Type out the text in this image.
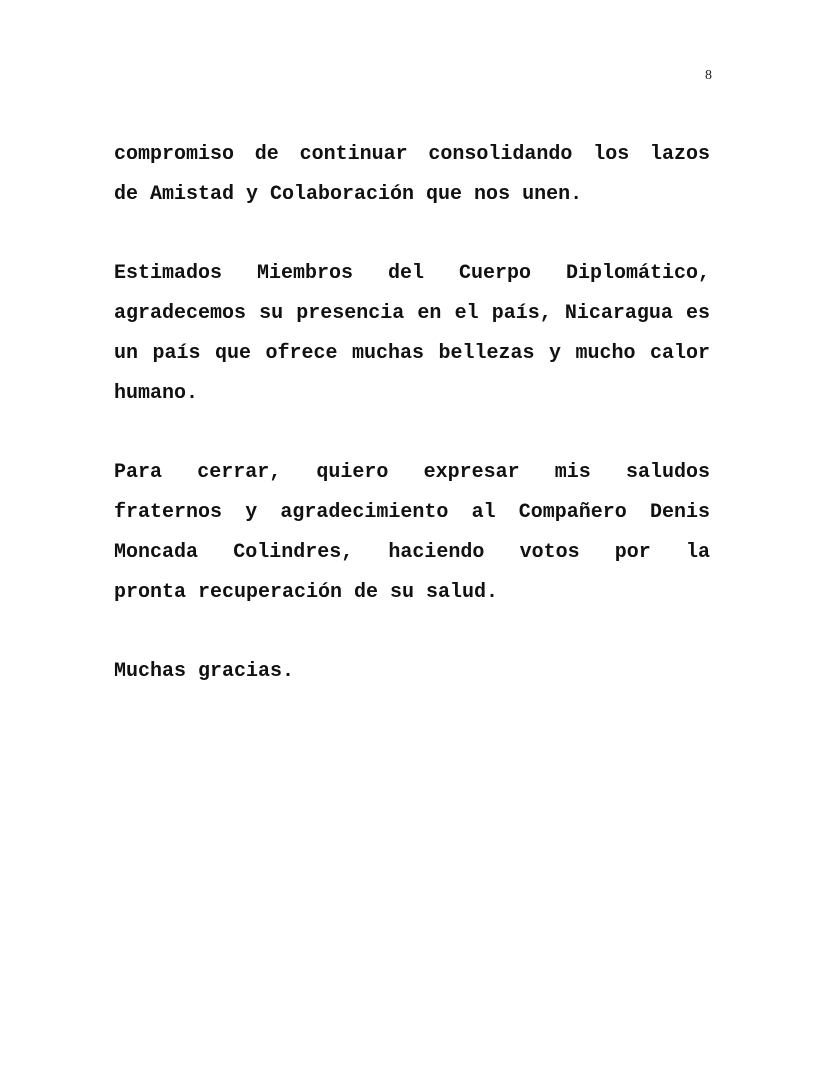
8

compromiso de continuar consolidando los lazos
de Amistad y Colaboración que nos unen.

Estimados Miembros del Cuerpo Diplomático,
agradecemos su presencia en el país, Nicaragua es
un país que ofrece muchas bellezas y mucho calor
humano.

Para cerrar, quiero expresar mis saludos
fraternos y agradecimiento al Compañero Denis
Moncada Colindres, haciendo votos por la
pronta recuperación de su salud.

Muchas gracias.
